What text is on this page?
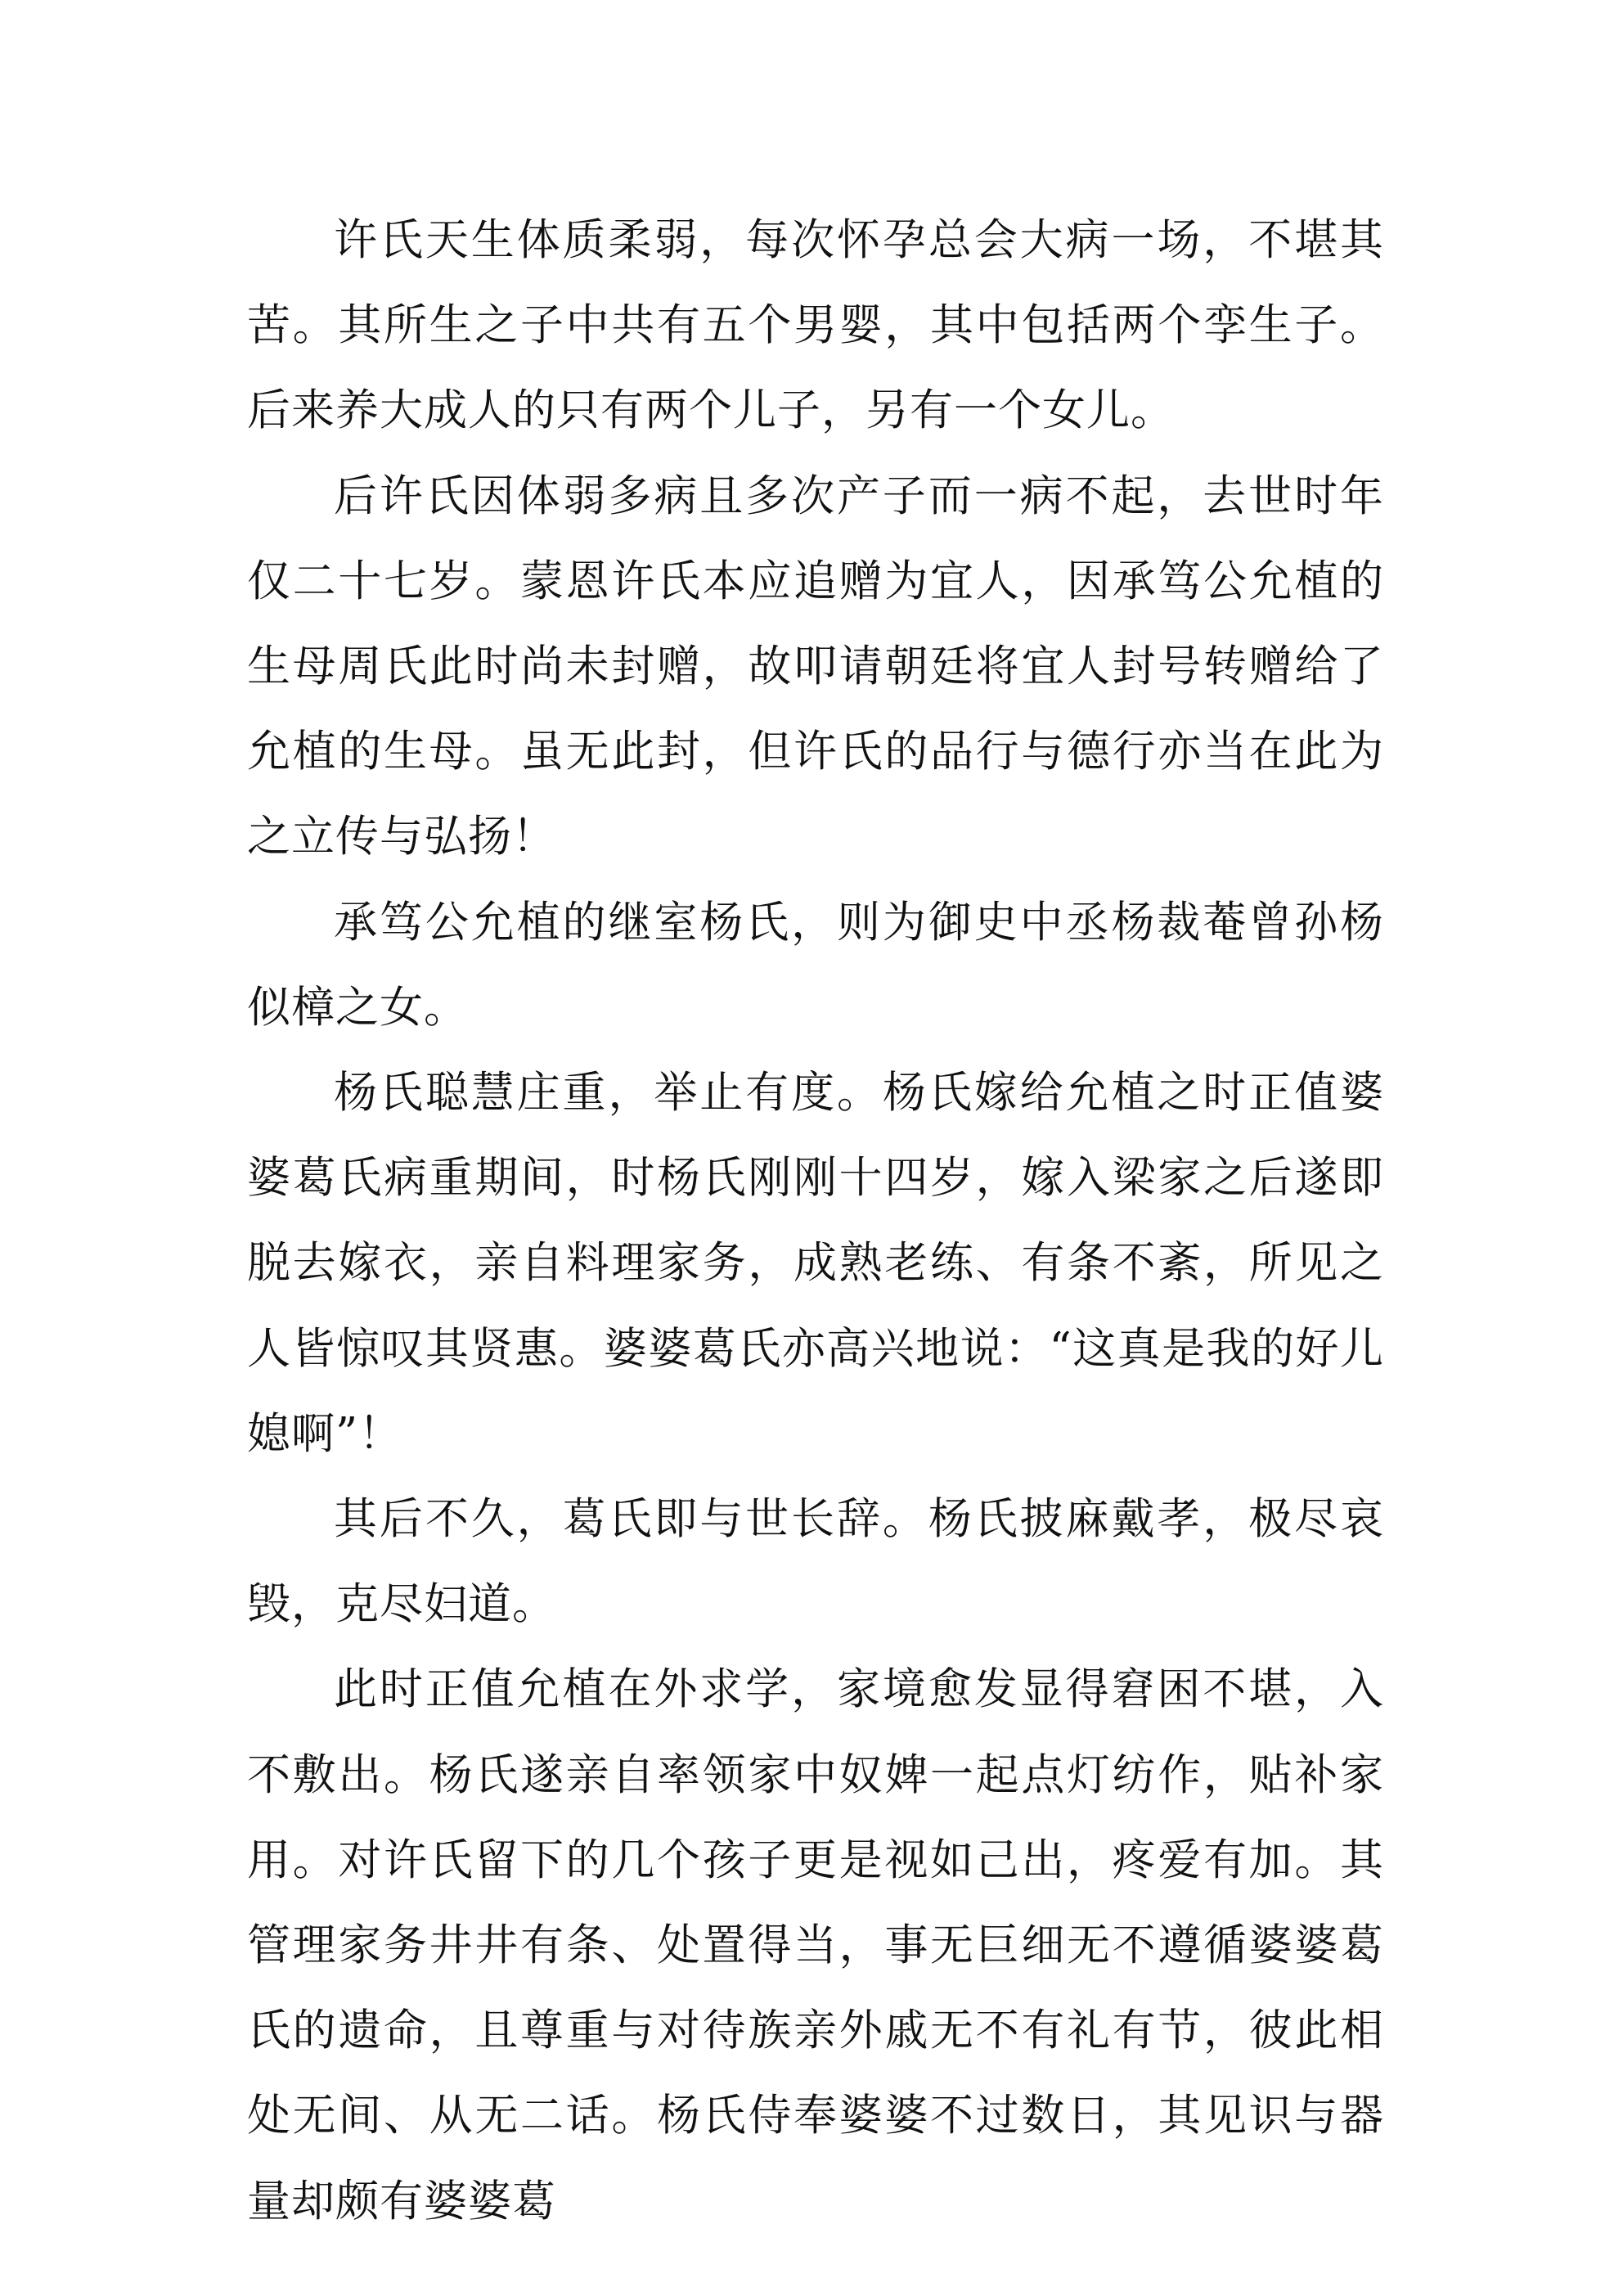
许氏天生体质柔弱，每次怀孕总会大病一场，不堪其苦。其所生之子中共有五个男婴，其中包括两个孪生子。后来养大成人的只有两个儿子，另有一个女儿。

后许氏因体弱多病且多次产子而一病不起，去世时年仅二十七岁。蒙恩许氏本应追赠为宜人，因承笃公允植的生母周氏此时尚未封赠，故叩请朝廷将宜人封号转赠给了允植的生母。虽无此封，但许氏的品行与德行亦当在此为之立传与弘扬！

承笃公允植的继室杨氏，则为御史中丞杨裁菴曾孙杨似樟之女。

杨氏聪慧庄重，举止有度。杨氏嫁给允植之时正值婆婆葛氏病重期间，时杨氏刚刚十四岁，嫁入梁家之后遂即脱去嫁衣，亲自料理家务，成熟老练、有条不紊，所见之人皆惊叹其贤惠。婆婆葛氏亦高兴地说：“这真是我的好儿媳啊”！

其后不久，葛氏即与世长辞。杨氏披麻戴孝，极尽哀毁，克尽妇道。

此时正值允植在外求学，家境愈发显得窘困不堪，入不敷出。杨氏遂亲自率领家中奴婢一起点灯纺作，贴补家用。对许氏留下的几个孩子更是视如己出，疼爱有加。其管理家务井井有条、处置得当，事无巨细无不遵循婆婆葛氏的遗命，且尊重与对待族亲外戚无不有礼有节，彼此相处无间、从无二话。杨氏侍奉婆婆不过数日，其见识与器量却颇有婆婆葛
